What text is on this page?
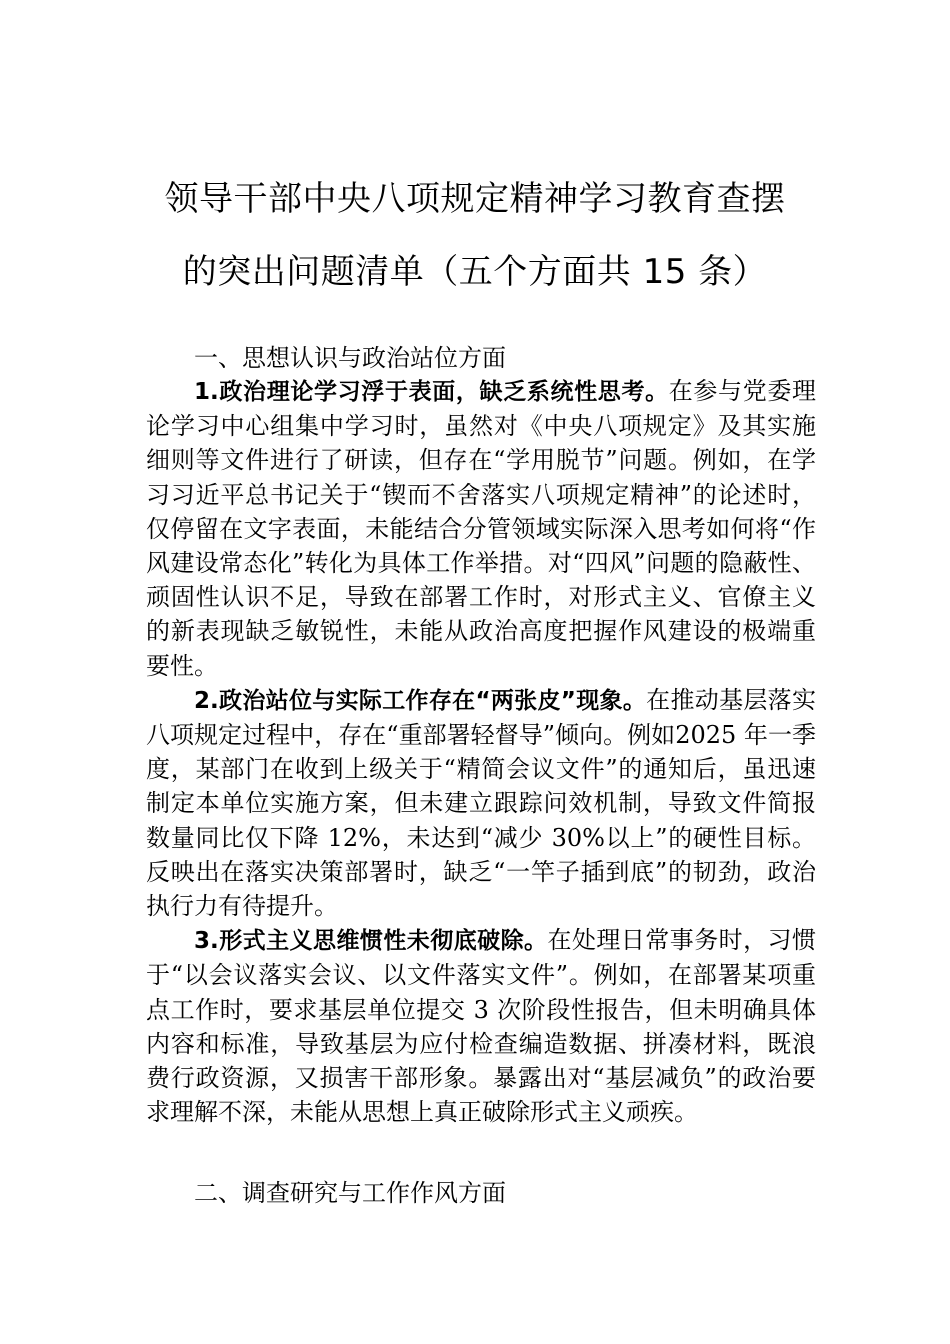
领导干部中央八项规定精神学习教育查摆
的突出问题清单（五个方面共 15 条）
一、思想认识与政治站位方面

1.政治理论学习浮于表面，缺乏系统性思考。在参与党委理论学习中心组集中学习时，虽然对《中央八项规定》及其实施细则等文件进行了研读，但存在“学用脱节”问题。例如，在学习习近平总书记关于“锲而不舍落实八项规定精神”的论述时，仅停留在文字表面，未能结合分管领域实际深入思考如何将“作风建设常态化”转化为具体工作举措。对“四风”问题的隐蔽性、顽固性认识不足，导致在部署工作时，对形式主义、官僚主义的新表现缺乏敏锐性，未能从政治高度把握作风建设的极端重要性。

2.政治站位与实际工作存在“两张皮”现象。在推动基层落实八项规定过程中，存在“重部署轻督导”倾向。例如2025 年一季度，某部门在收到上级关于“精简会议文件”的通知后，虽迅速制定本单位实施方案，但未建立跟踪问效机制，导致文件简报数量同比仅下降 12%，未达到“减少 30%以上”的硬性目标。反映出在落实决策部署时，缺乏“一竿子插到底”的韧劲，政治执行力有待提升。

3.形式主义思维惯性未彻底破除。在处理日常事务时，习惯于“以会议落实会议、以文件落实文件”。例如，在部署某项重点工作时，要求基层单位提交 3 次阶段性报告，但未明确具体内容和标准，导致基层为应付检查编造数据、拼凑材料，既浪费行政资源，又损害干部形象。暴露出对“基层减负”的政治要求理解不深，未能从思想上真正破除形式主义顽疾。

二、调查研究与工作作风方面
